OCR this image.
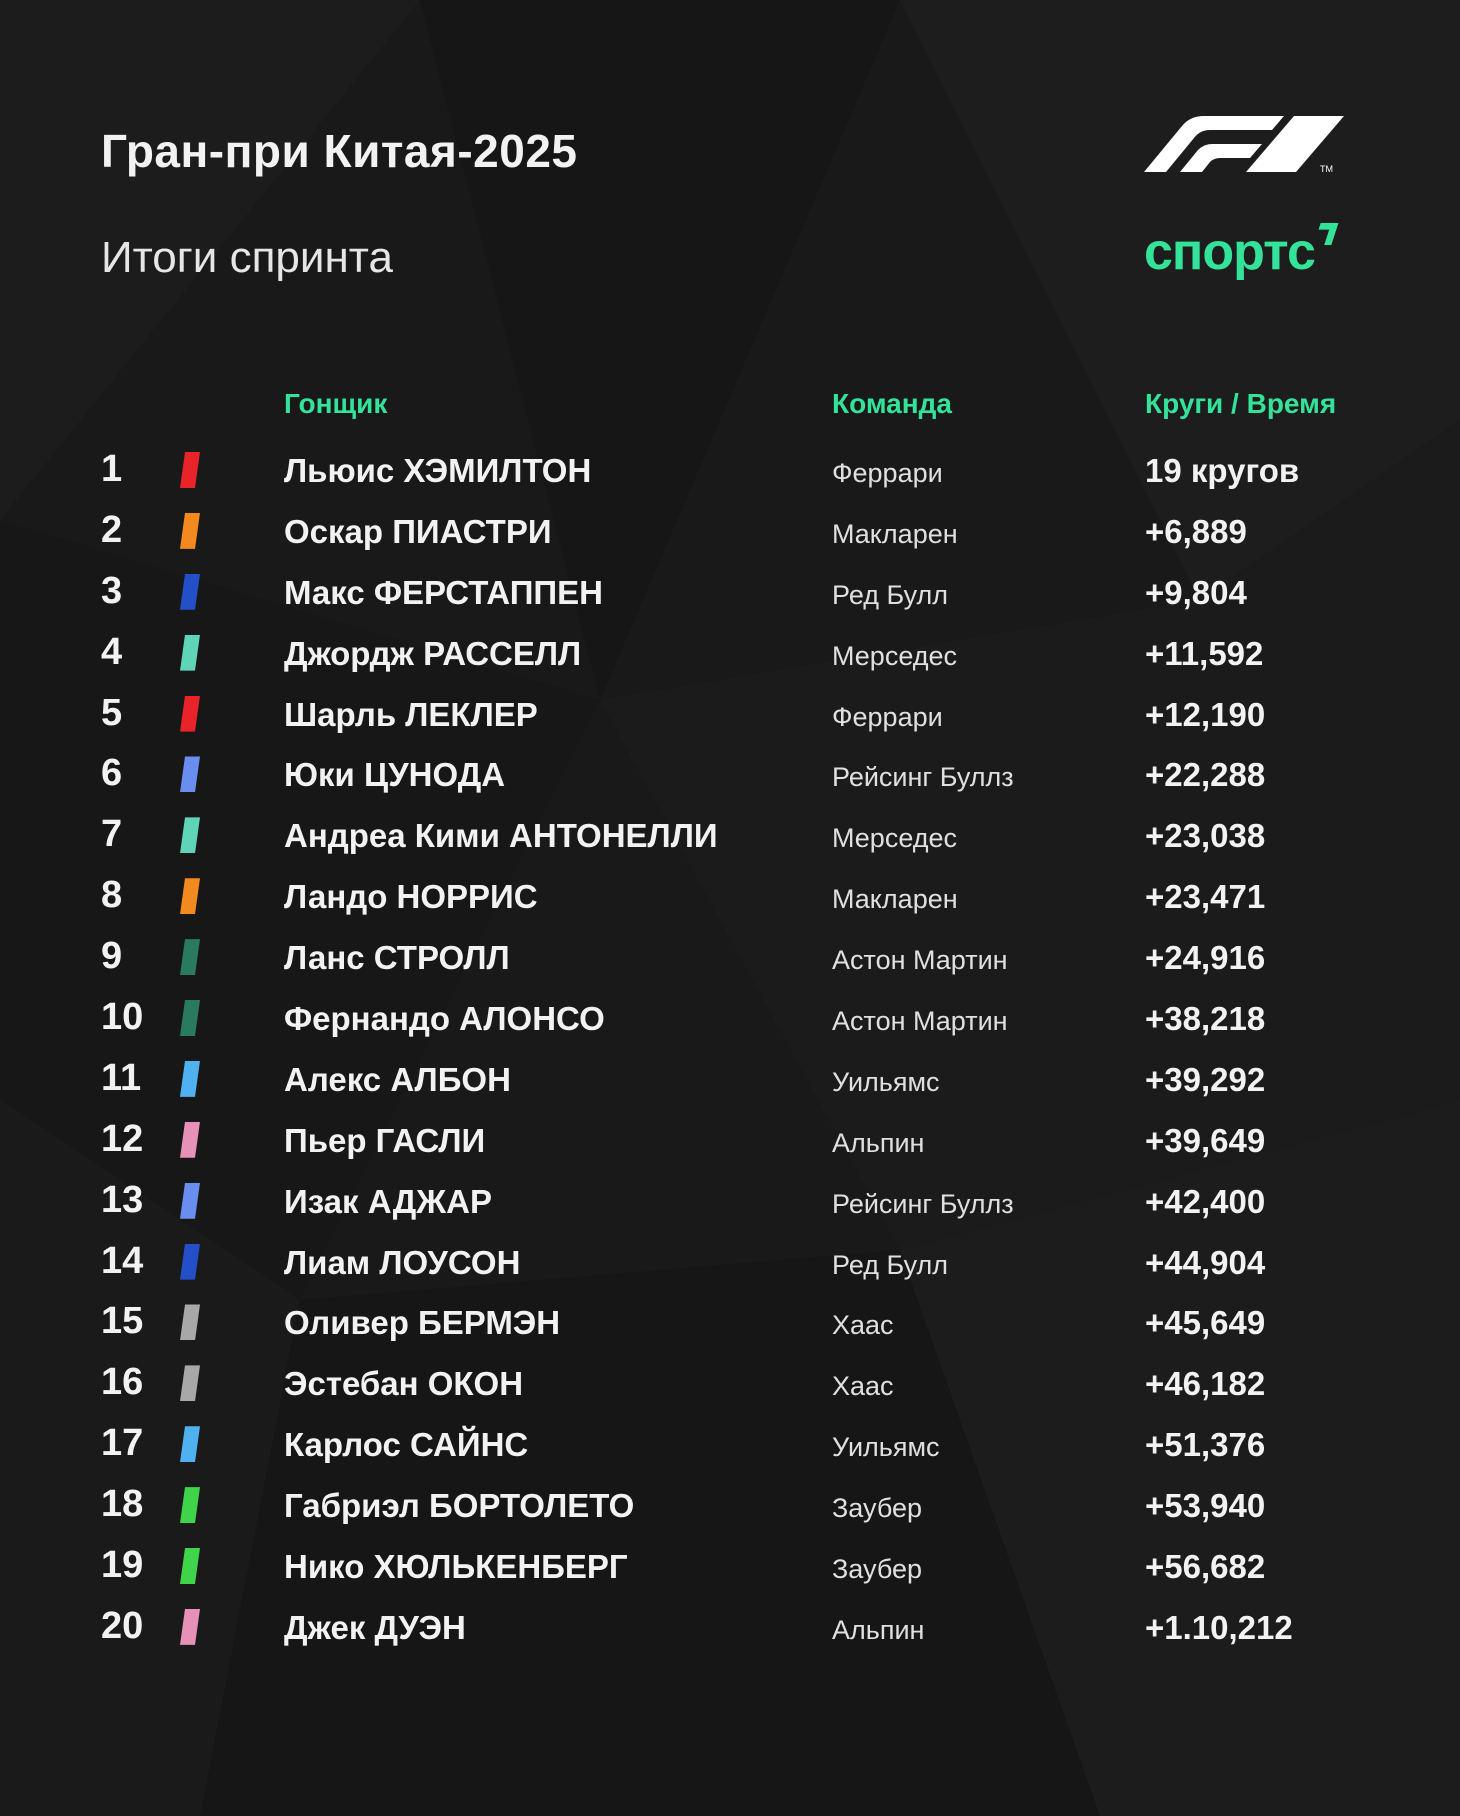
Гран-при Китая-2025
Итоги спринта
TM
спортс
Гонщик	Команда	Круги / Время
1	Льюис ХЭМИЛТОН	Феррари	19 кругов
2	Оскар ПИАСТРИ	Макларен	+6,889
3	Макс ФЕРСТАППЕН	Ред Булл	+9,804
4	Джордж РАССЕЛЛ	Мерседес	+11,592
5	Шарль ЛЕКЛЕР	Феррари	+12,190
6	Юки ЦУНОДА	Рейсинг Буллз	+22,288
7	Андреа Кими АНТОНЕЛЛИ	Мерседес	+23,038
8	Ландо НОРРИС	Макларен	+23,471
9	Ланс СТРОЛЛ	Астон Мартин	+24,916
10	Фернандо АЛОНСО	Астон Мартин	+38,218
11	Алекс АЛБОН	Уильямс	+39,292
12	Пьер ГАСЛИ	Альпин	+39,649
13	Изак АДЖАР	Рейсинг Буллз	+42,400
14	Лиам ЛОУСОН	Ред Булл	+44,904
15	Оливер БЕРМЭН	Хаас	+45,649
16	Эстебан ОКОН	Хаас	+46,182
17	Карлос САЙНС	Уильямс	+51,376
18	Габриэл БОРТОЛЕТО	Заубер	+53,940
19	Нико ХЮЛЬКЕНБЕРГ	Заубер	+56,682
20	Джек ДУЭН	Альпин	+1.10,212
